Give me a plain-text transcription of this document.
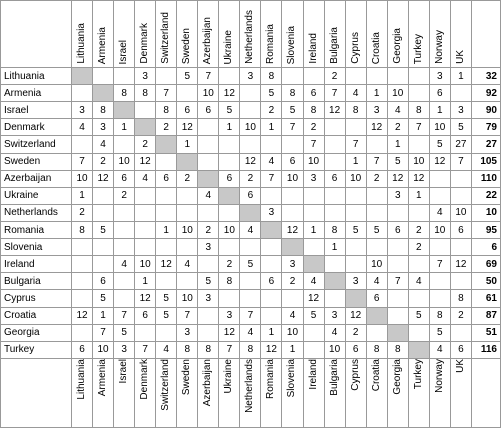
	Lithuania	Armenia	Israel	Denmark	Switzerland	Sweden	Azerbaijan	Ukraine	Netherlands	Romania	Slovenia	Ireland	Bulgaria	Cyprus	Croatia	Georgia	Turkey	Norway	UK	
Lithuania				3		5	7		3	8			2					3	1	32
Armenia			8	8	7		10	12		5	8	6	7	4	1	10		6		92
Israel	3	8			8	6	6	5		2	5	8	12	8	3	4	8	1	3	90
Denmark	4	3	1		2	12		1	10	1	7	2			12	2	7	10	5	79
Switzerland		4		2		1						7		7		1		5	27	27
Sweden	7	2	10	12					12	4	6	10		1	7	5	10	12	7	105
Azerbaijan	10	12	6	4	6	2		6	2	7	10	3	6	10	2	12	12			110
Ukraine	1		2				4		6							3	1			22
Netherlands	2									3								4	10	10
Romania	8	5			1	10	2	10	4		12	1	8	5	5	6	2	10	6	95
Slovenia							3						1				2			6
Ireland			4	10	12	4		2	5		3				10			7	12	69
Bulgaria		6		1			5	8		6	2	4		3	4	7	4			50
Cyprus		5		12	5	10	3					12			6				8	61
Croatia	12	1	7	6	5	7		3	7		4	5	3	12			5	8	2	87
Georgia		7	5			3		12	4	1	10		4	2				5		51
Turkey	6	10	3	7	4	8	8	7	8	12	1		10	6	8	8		4	6	116
	Lithuania	Armenia	Israel	Denmark	Switzerland	Sweden	Azerbaijan	Ukraine	Netherlands	Romania	Slovenia	Ireland	Bulgaria	Cyprus	Croatia	Georgia	Turkey	Norway	UK	
